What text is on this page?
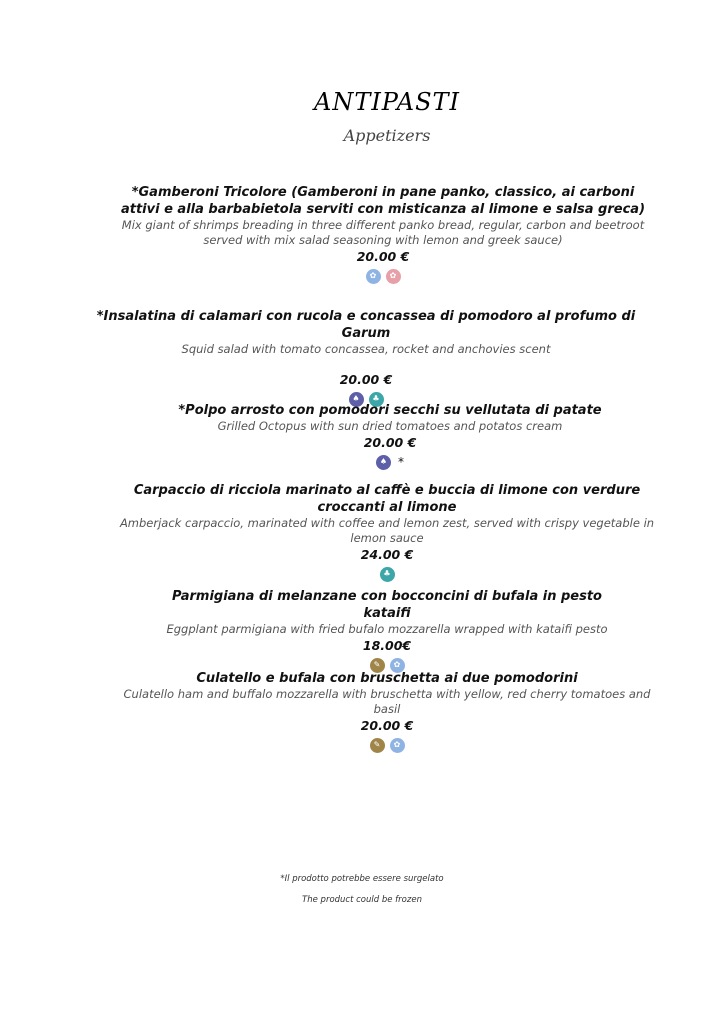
ANTIPASTI
Appetizers
*Gamberoni Tricolore (Gamberoni in pane panko, classico, ai carboni attivi e alla barbabietola serviti con misticanza al limone e salsa greca)
Mix giant of shrimps breading in three different panko bread, regular, carbon and beetroot served with mix salad seasoning with lemon and greek sauce)
20.00 €
✿	✿
*Insalatina di calamari con rucola e concassea di pomodoro al profumo di Garum
Squid salad with tomato concassea, rocket and anchovies scent
20.00 €
♠	♣
*Polpo arrosto con pomodori secchi su vellutata di patate
Grilled Octopus with sun dried tomatoes and potatos cream
20.00 €
♠ *
Carpaccio di ricciola marinato al caffè e buccia di limone con verdure croccanti al limone
Amberjack carpaccio, marinated with coffee and lemon zest, served with crispy vegetable in lemon sauce
24.00 €
♣
Parmigiana di melanzane con bocconcini di bufala in pesto kataifi
Eggplant parmigiana with fried bufalo mozzarella wrapped with kataifi pesto
18.00€
✎	✿
Culatello e bufala con bruschetta ai due pomodorini
Culatello ham and buffalo mozzarella with bruschetta with yellow, red cherry tomatoes and basil
20.00 €
✎	✿
*Il prodotto potrebbe essere surgelato
The product could be frozen
